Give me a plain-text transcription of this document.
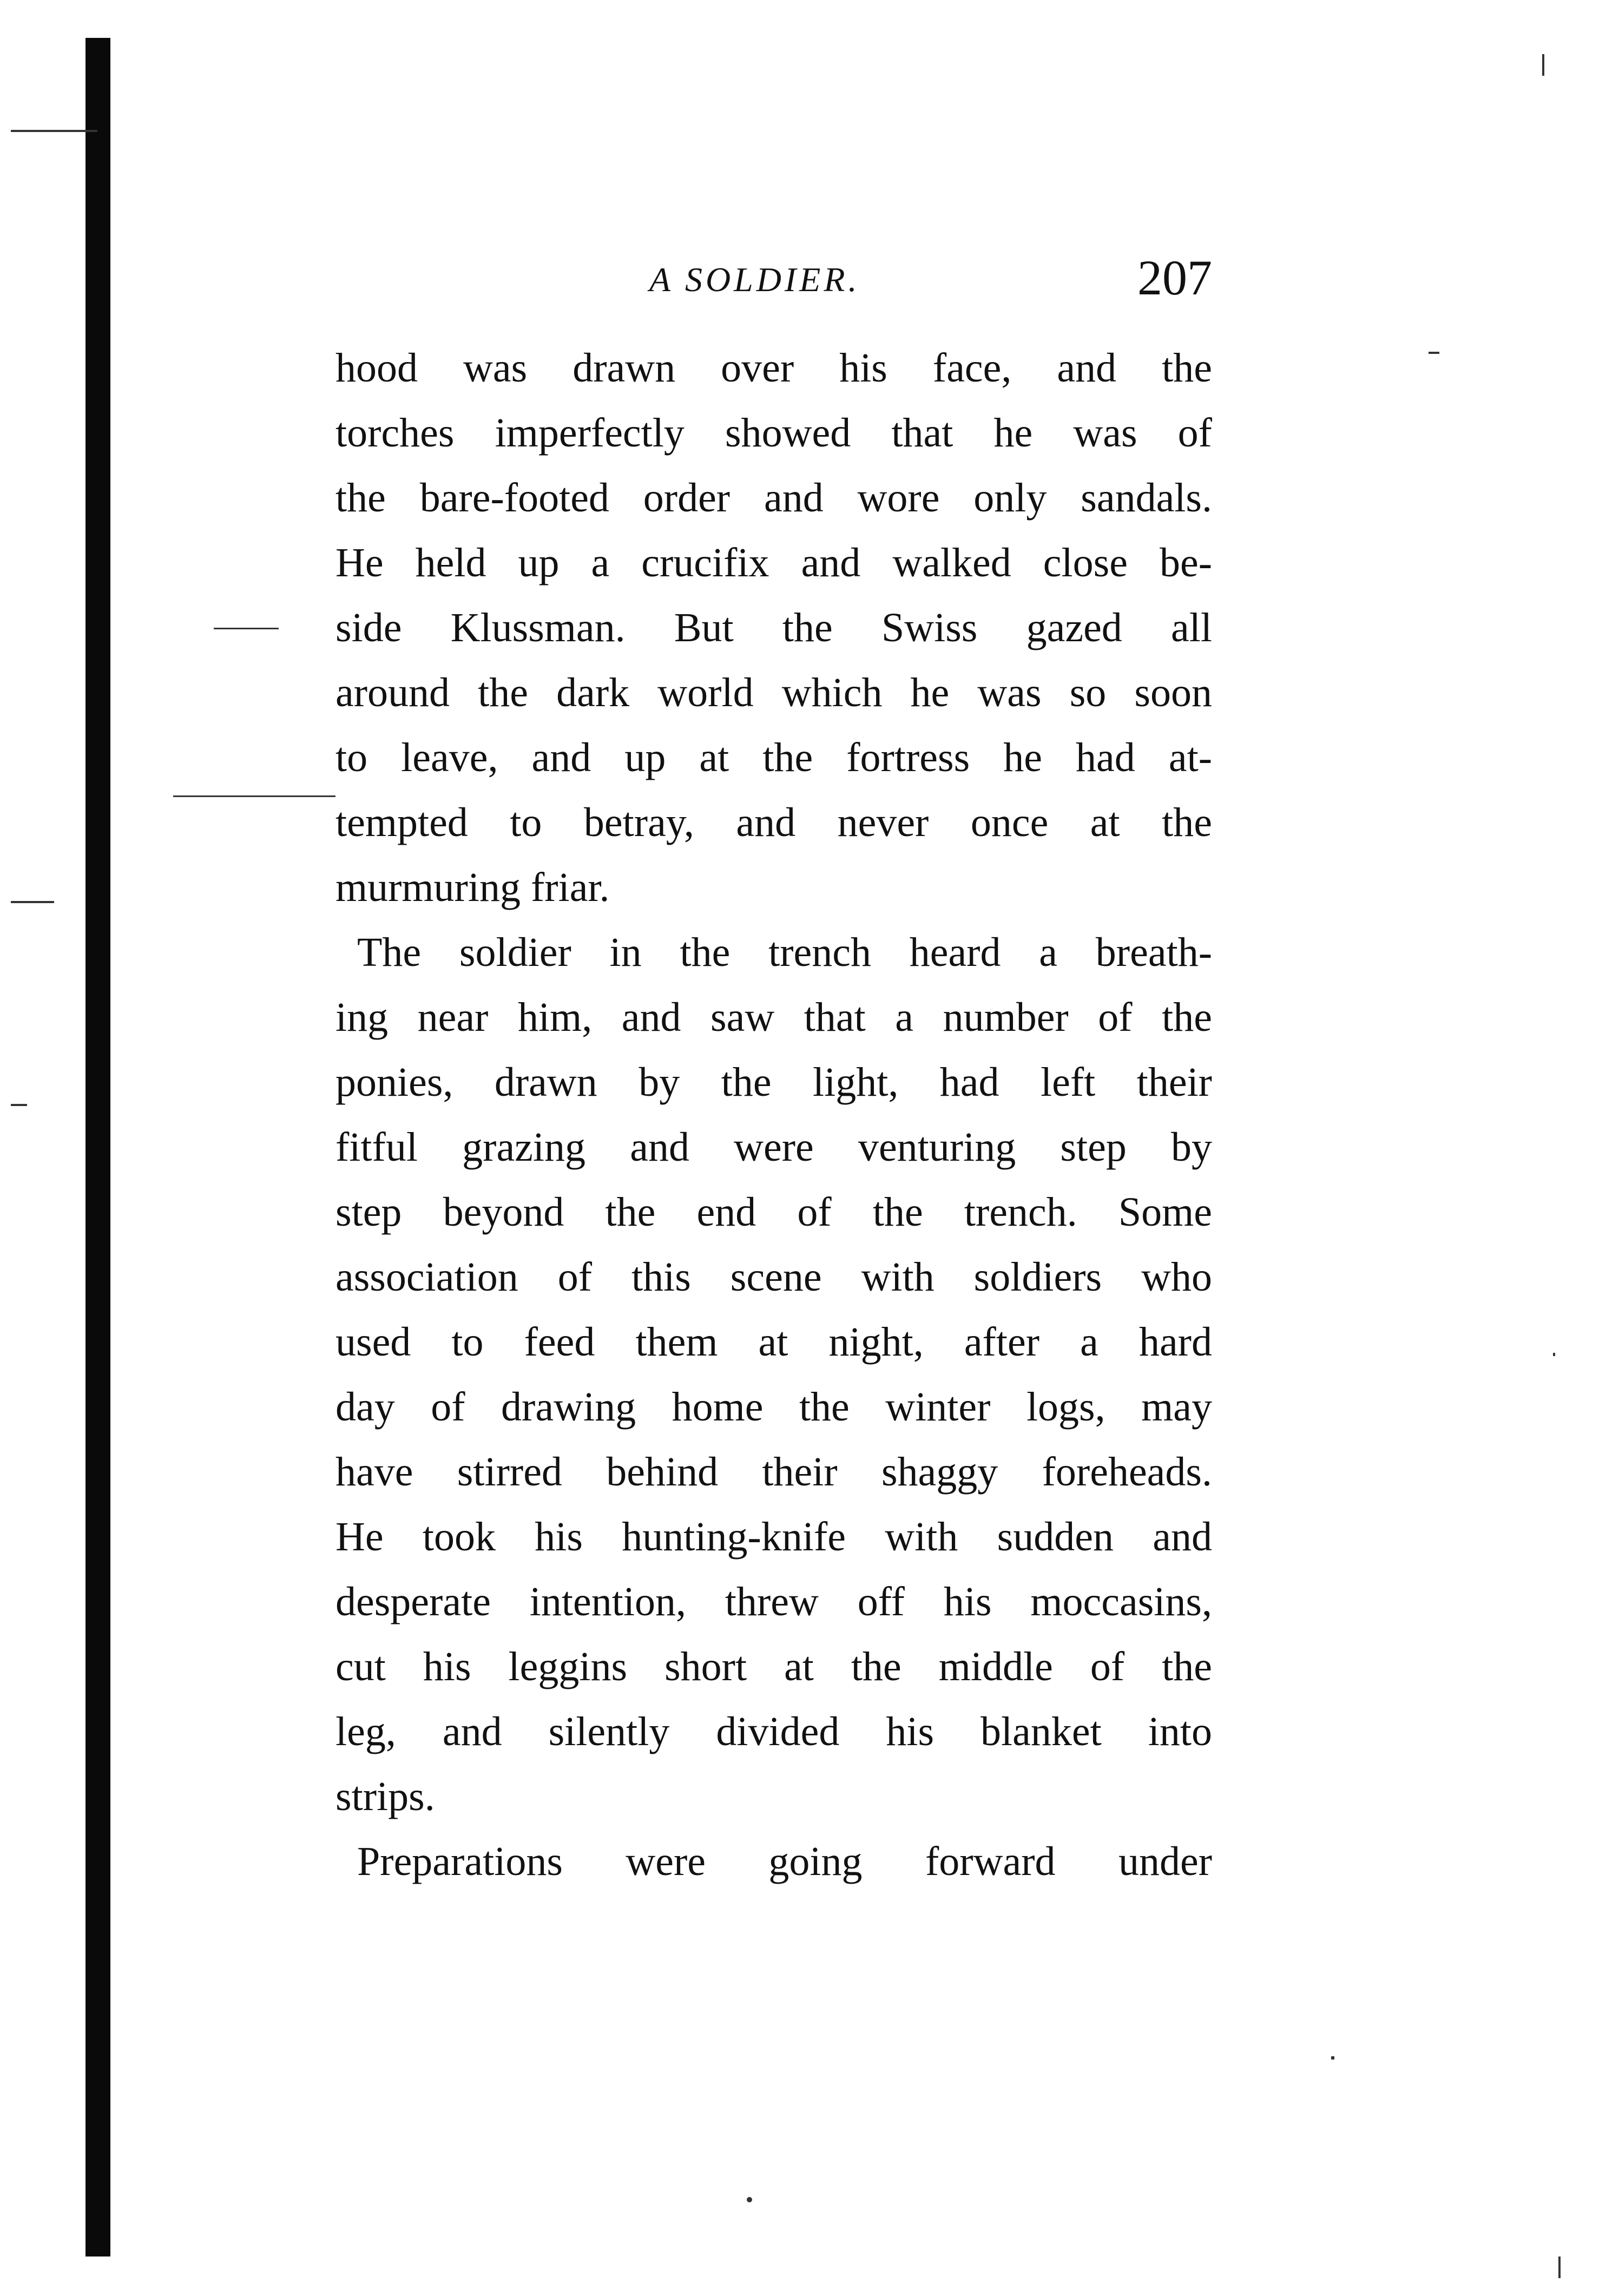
A SOLDIER.	207
hood was drawn over his face, and the
torches imperfectly showed that he was of
the bare-footed order and wore only sandals.
He held up a crucifix and walked close be-
side Klussman. But the Swiss gazed all
around the dark world which he was so soon
to leave, and up at the fortress he had at-
tempted to betray, and never once at the
murmuring friar.
The soldier in the trench heard a breath-
ing near him, and saw that a number of the
ponies, drawn by the light, had left their
fitful grazing and were venturing step by
step beyond the end of the trench. Some
association of this scene with soldiers who
used to feed them at night, after a hard
day of drawing home the winter logs, may
have stirred behind their shaggy foreheads.
He took his hunting-knife with sudden and
desperate intention, threw off his moccasins,
cut his leggins short at the middle of the
leg, and silently divided his blanket into
strips.
Preparations were going forward under
